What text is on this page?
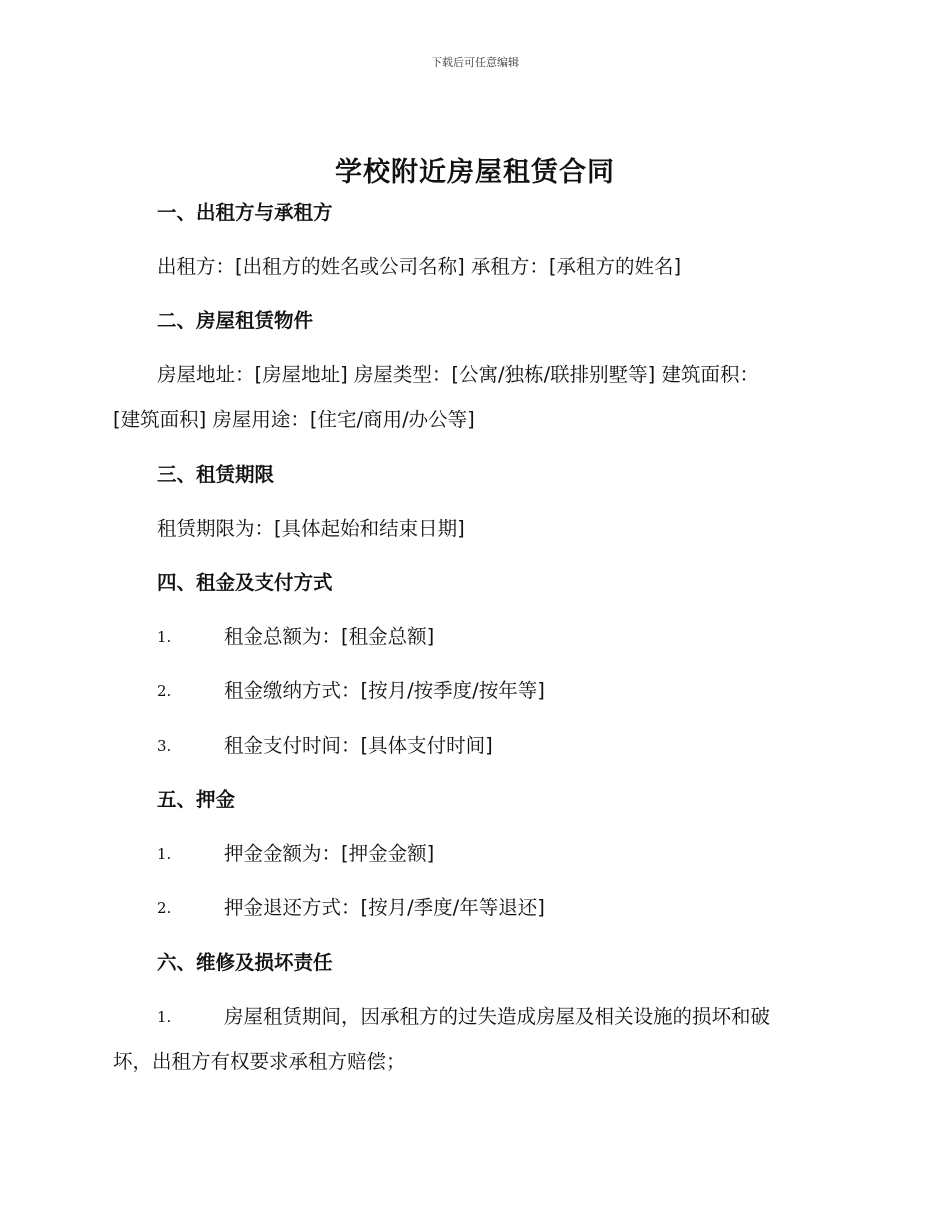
下载后可任意编辑
学校附近房屋租赁合同
一、出租方与承租方
出租方：[出租方的姓名或公司名称] 承租方：[承租方的姓名]
二、房屋租赁物件
房屋地址：[房屋地址] 房屋类型：[公寓/独栋/联排别墅等] 建筑面积：
[建筑面积] 房屋用途：[住宅/商用/办公等]
三、租赁期限
租赁期限为：[具体起始和结束日期]
四、租金及支付方式
1.	租金总额为：[租金总额]
2.	租金缴纳方式：[按月/按季度/按年等]
3.	租金支付时间：[具体支付时间]
五、押金
1.	押金金额为：[押金金额]
2.	押金退还方式：[按月/季度/年等退还]
六、维修及损坏责任
1.	房屋租赁期间，因承租方的过失造成房屋及相关设施的损坏和破
坏，出租方有权要求承租方赔偿；
